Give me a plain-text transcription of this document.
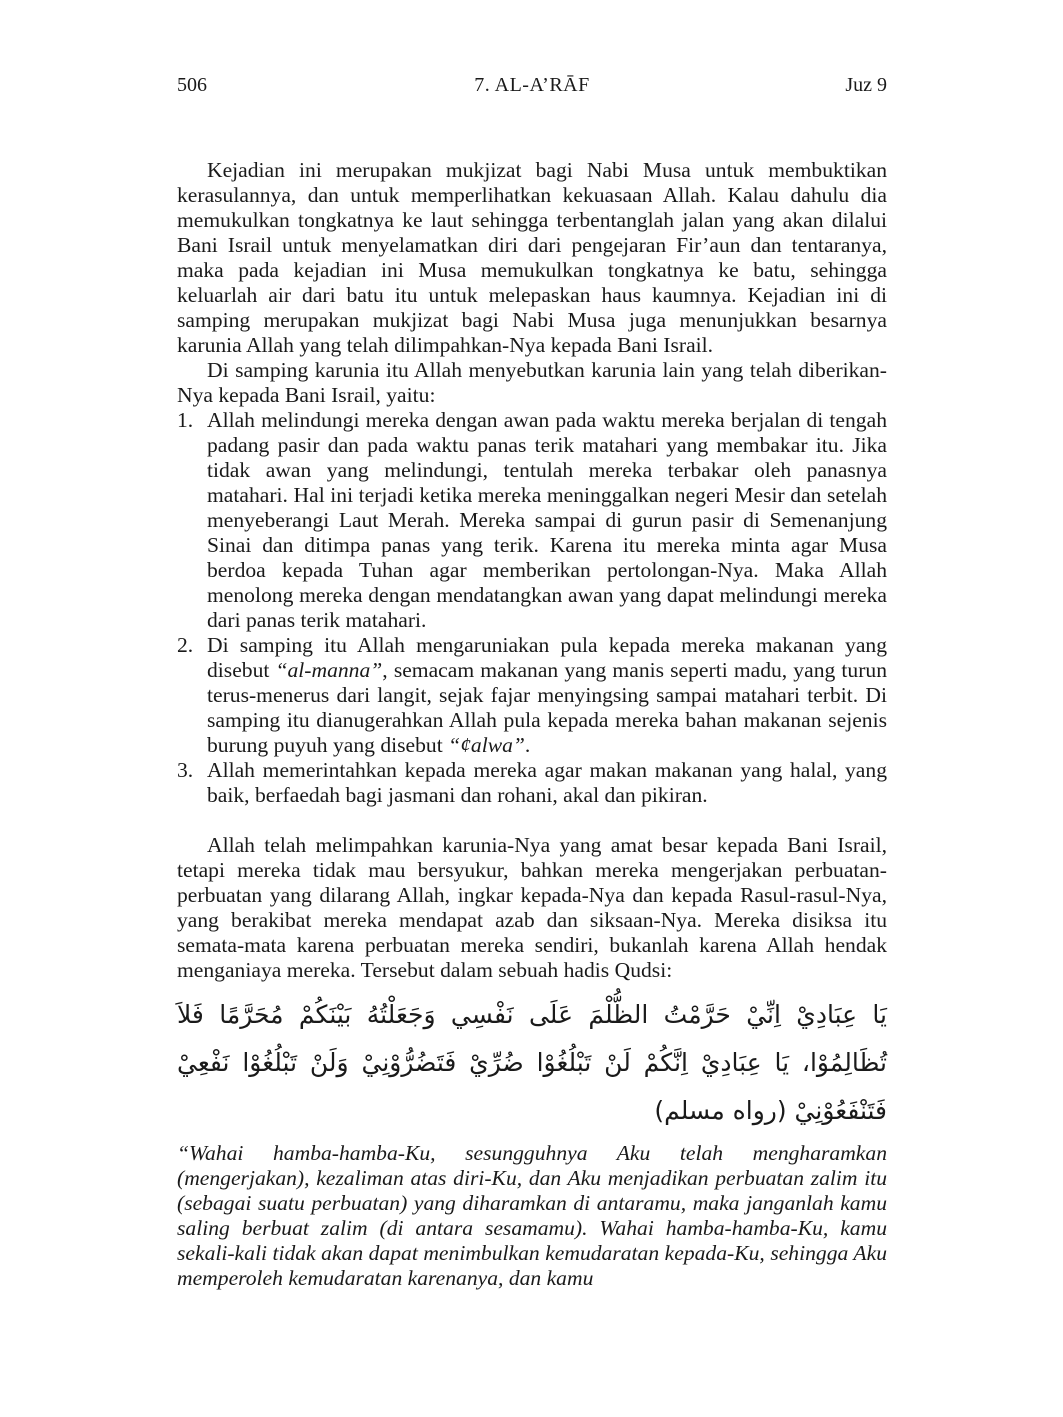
506	7. AL-A’RĀF	Juz 9

Kejadian ini merupakan mukjizat bagi Nabi Musa untuk membuktikan kerasulannya, dan untuk memperlihatkan kekuasaan Allah. Kalau dahulu dia memukulkan tongkatnya ke laut sehingga terbentanglah jalan yang akan dilalui Bani Israil untuk menyelamatkan diri dari pengejaran Fir’aun dan tentaranya, maka pada kejadian ini Musa memukulkan tongkatnya ke batu, sehingga keluarlah air dari batu itu untuk melepaskan haus kaumnya. Kejadian ini di samping merupakan mukjizat bagi Nabi Musa juga menunjukkan besarnya karunia Allah yang telah dilimpahkan-Nya kepada Bani Israil.

Di samping karunia itu Allah menyebutkan karunia lain yang telah diberikan-Nya kepada Bani Israil, yaitu:

1. Allah melindungi mereka dengan awan pada waktu mereka berjalan di tengah padang pasir dan pada waktu panas terik matahari yang membakar itu. Jika tidak awan yang melindungi, tentulah mereka terbakar oleh panasnya matahari. Hal ini terjadi ketika mereka meninggalkan negeri Mesir dan setelah menyeberangi Laut Merah. Mereka sampai di gurun pasir di Semenanjung Sinai dan ditimpa panas yang terik. Karena itu mereka minta agar Musa berdoa kepada Tuhan agar memberikan pertolongan-Nya. Maka Allah menolong mereka dengan mendatangkan awan yang dapat melindungi mereka dari panas terik matahari.
2. Di samping itu Allah mengaruniakan pula kepada mereka makanan yang disebut “al-manna”, semacam makanan yang manis seperti madu, yang turun terus-menerus dari langit, sejak fajar menyingsing sampai matahari terbit. Di samping itu dianugerahkan Allah pula kepada mereka bahan makanan sejenis burung puyuh yang disebut “¢alwa”.
3. Allah memerintahkan kepada mereka agar makan makanan yang halal, yang baik, berfaedah bagi jasmani dan rohani, akal dan pikiran.

Allah telah melimpahkan karunia-Nya yang amat besar kepada Bani Israil, tetapi mereka tidak mau bersyukur, bahkan mereka mengerjakan perbuatan-perbuatan yang dilarang Allah, ingkar kepada-Nya dan kepada Rasul-rasul-Nya, yang berakibat mereka mendapat azab dan siksaan-Nya. Mereka disiksa itu semata-mata karena perbuatan mereka sendiri, bukanlah karena Allah hendak menganiaya mereka. Tersebut dalam sebuah hadis Qudsi:

يَا عِبَادِيْ اِنِّيْ حَرَّمْتُ الظُّلْمَ عَلَى نَفْسِي وَجَعَلْتُهُ بَيْنَكُمْ مُحَرَّمًا فَلاَ تُظَالِمُوْا، يَا عِبَادِيْ اِنَّكُمْ لَنْ تَبْلُغُوْا ضُرِّيْ فَتَضُرُّوْنِيْ وَلَنْ تَبْلُغُوْا نَفْعِيْ فَتَنْفَعُوْنِيْ (رواه مسلم)

“Wahai hamba-hamba-Ku, sesungguhnya Aku telah mengharamkan (mengerjakan), kezaliman atas diri-Ku, dan Aku menjadikan perbuatan zalim itu (sebagai suatu perbuatan) yang diharamkan di antaramu, maka janganlah kamu saling berbuat zalim (di antara sesamamu). Wahai hamba-hamba-Ku, kamu sekali-kali tidak akan dapat menimbulkan kemudaratan kepada-Ku, sehingga Aku memperoleh kemudaratan karenanya, dan kamu
